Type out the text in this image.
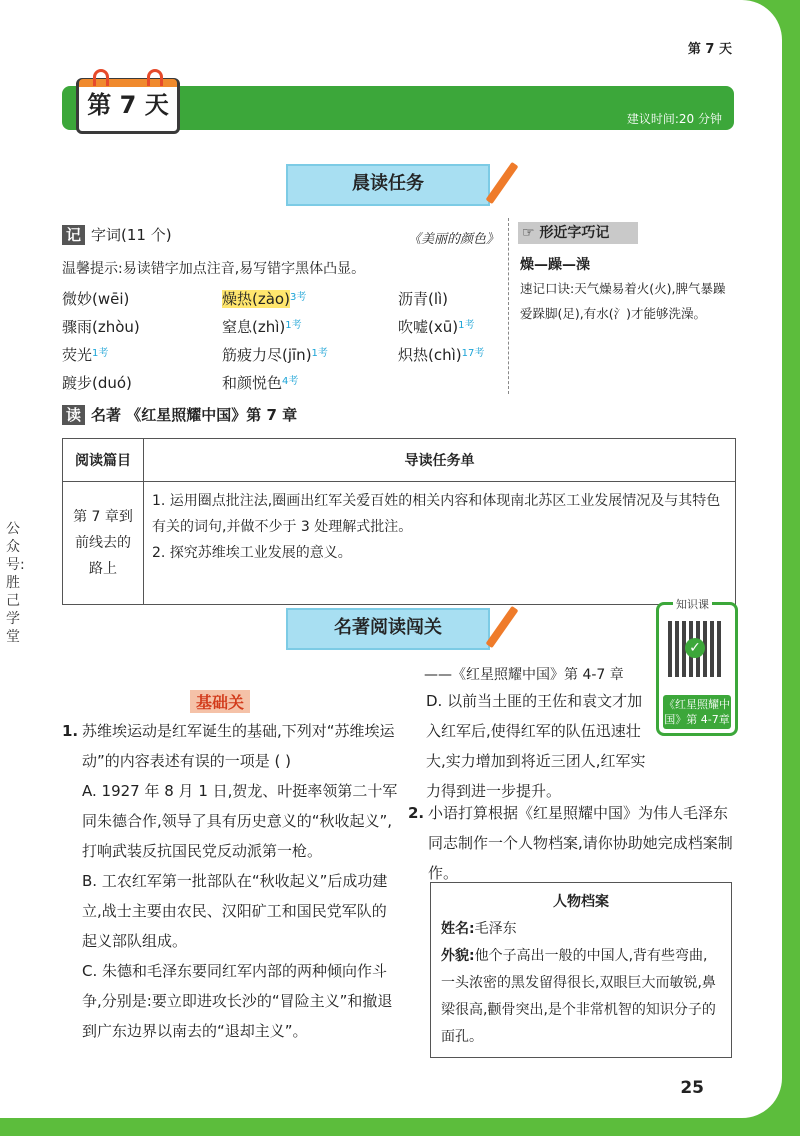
第 7 天
第 7 天	建议时间:20 分钟
晨读任务
记 字词(11 个)	《美丽的颜色》
温馨提示:易读错字加点注音,易写错字黑体凸显。
微妙(wēi)	燥热(zào)$^{3考}$	沥青(lì)
骤雨(zhòu)	窒息(zhì)$^{1考}$	吹嘘(xū)$^{1考}$
荧光$^{1考}$	筋疲力尽(jīn)$^{1考}$	炽热(chì)$^{17考}$
踱步(duó)	和颜悦色$^{4考}$
☞ 形近字巧记
燥—躁—澡
速记口诀:天气燥易着火(火),脾气暴躁爱跺脚(足),有水(氵)才能够洗澡。
读 名著 《红星照耀中国》第 7 章
阅读篇目	导读任务单
第 7 章到前线去的路上	1. 运用圈点批注法,圈画出红军关爱百姓的相关内容和体现南北苏区工业发展情况及与其特色有关的词句,并做不少于 3 处理解式批注。
2. 探究苏维埃工业发展的意义。
公众号:胜己学堂	名著阅读闯关
知识课
✓
《红星照耀中国》第 4-7章
——《红星照耀中国》第 4-7 章
基础关
1. 苏维埃运动是红军诞生的基础,下列对“苏维埃运动”的内容表述有误的一项是 ( )
A. 1927 年 8 月 1 日,贺龙、叶挺率领第二十军同朱德合作,领导了具有历史意义的“秋收起义”,打响武装反抗国民党反动派第一枪。
B. 工农红军第一批部队在“秋收起义”后成功建立,战士主要由农民、汉阳矿工和国民党军队的起义部队组成。
C. 朱德和毛泽东要同红军内部的两种倾向作斗争,分别是:要立即进攻长沙的“冒险主义”和撤退到广东边界以南去的“退却主义”。
D. 以前当土匪的王佐和袁文才加入红军后,使得红军的队伍迅速壮大,实力增加到将近三团人,红军实力得到进一步提升。
2. 小语打算根据《红星照耀中国》为伟人毛泽东同志制作一个人物档案,请你协助她完成档案制作。
人物档案
姓名:毛泽东
外貌:他个子高出一般的中国人,背有些弯曲,一头浓密的黑发留得很长,双眼巨大而敏锐,鼻梁很高,颧骨突出,是个非常机智的知识分子的面孔。
25
